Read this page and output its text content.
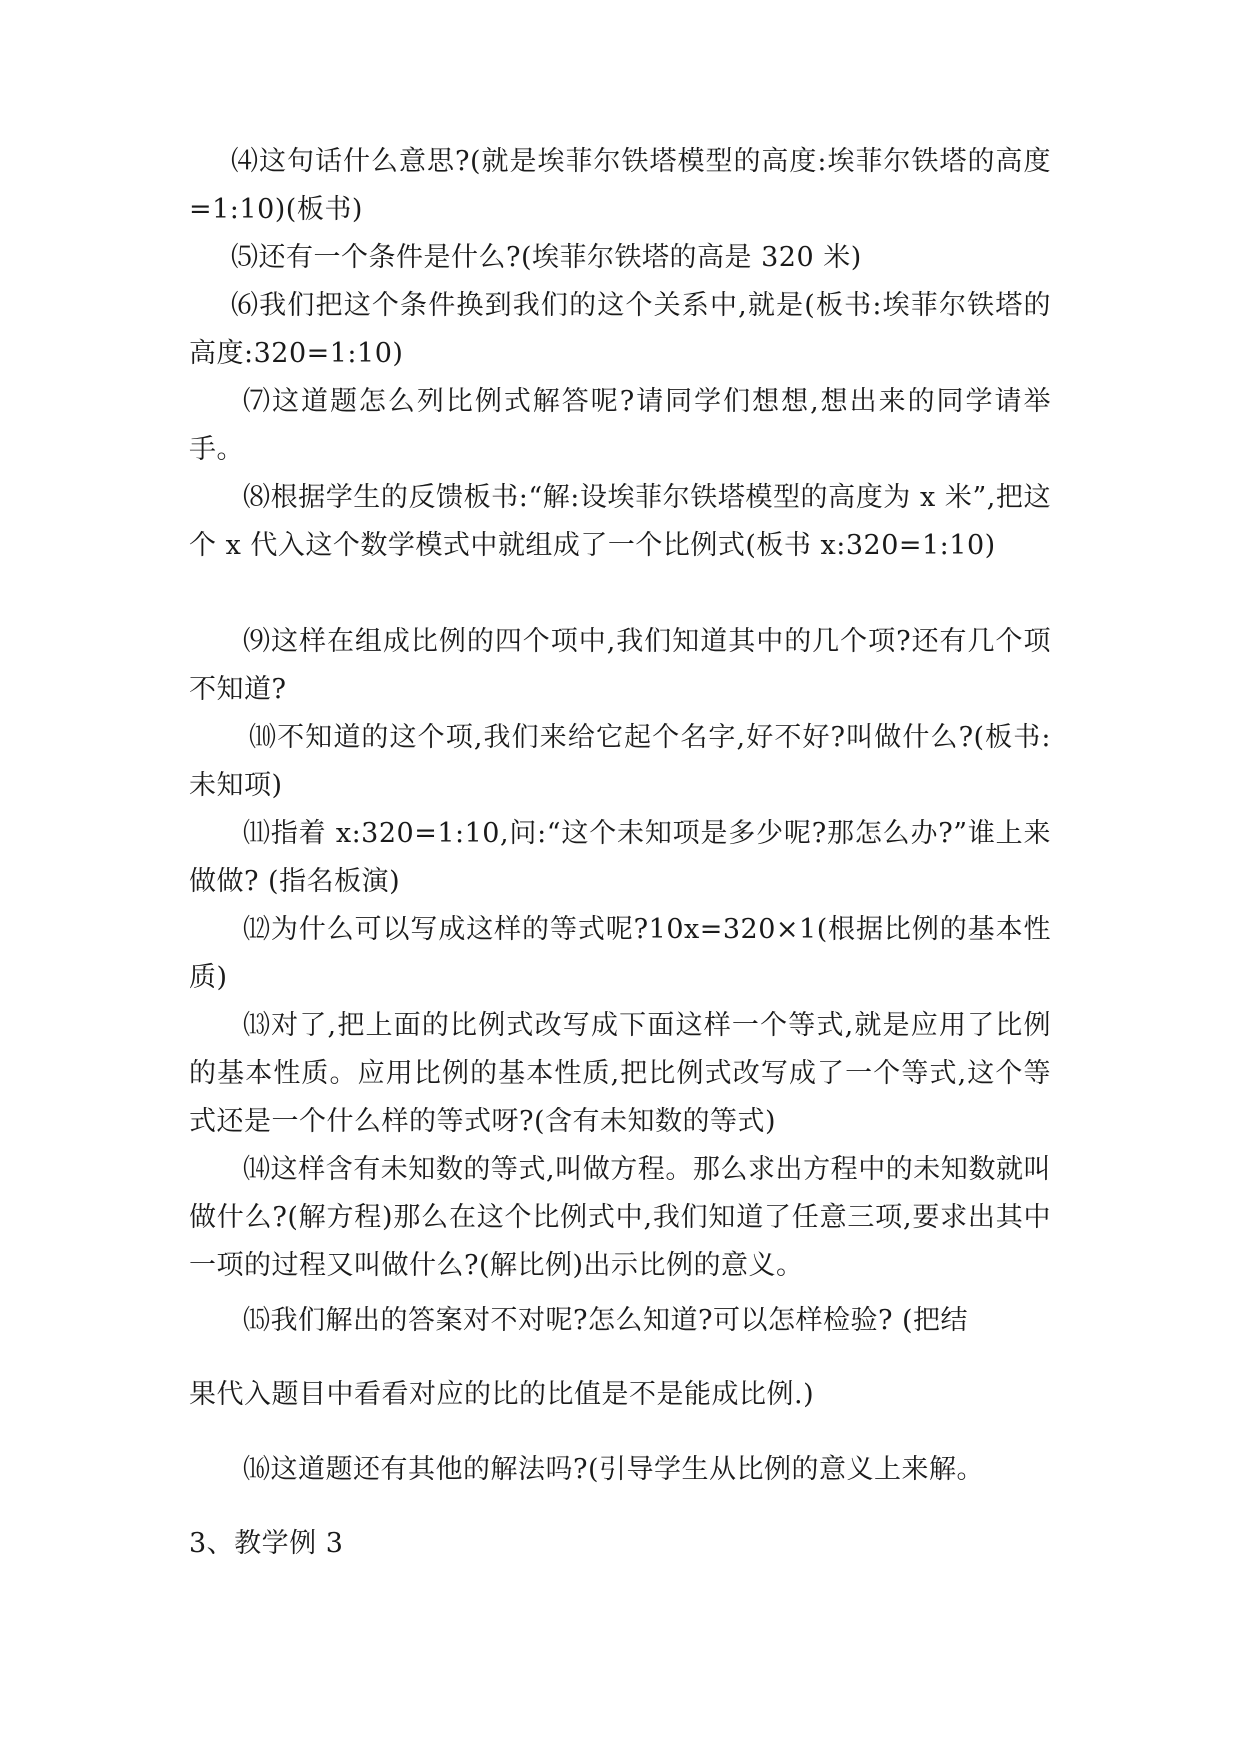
⑷这句话什么意思?(就是埃菲尔铁塔模型的高度:埃菲尔铁塔的高度=1:10)(板书)

⑸还有一个条件是什么?(埃菲尔铁塔的高是 320 米)

⑹我们把这个条件换到我们的这个关系中,就是(板书:埃菲尔铁塔的高度:320=1:10)

⑺这道题怎么列比例式解答呢?请同学们想想,想出来的同学请举手。

⑻根据学生的反馈板书:“解:设埃菲尔铁塔模型的高度为 x 米”,把这个 x 代入这个数学模式中就组成了一个比例式(板书 x:320=1:10)

⑼这样在组成比例的四个项中,我们知道其中的几个项?还有几个项不知道?

⑽不知道的这个项,我们来给它起个名字,好不好?叫做什么?(板书:未知项)

⑾指着 x:320=1:10,问:“这个未知项是多少呢?那怎么办?”谁上来做做? (指名板演)

⑿为什么可以写成这样的等式呢?10x=320×1(根据比例的基本性质)

⒀对了,把上面的比例式改写成下面这样一个等式,就是应用了比例的基本性质。应用比例的基本性质,把比例式改写成了一个等式,这个等式还是一个什么样的等式呀?(含有未知数的等式)

⒁这样含有未知数的等式,叫做方程。那么求出方程中的未知数就叫做什么?(解方程)那么在这个比例式中,我们知道了任意三项,要求出其中一项的过程又叫做什么?(解比例)出示比例的意义。

⒂我们解出的答案对不对呢?怎么知道?可以怎样检验? (把结

果代入题目中看看对应的比的比值是不是能成比例.)

⒃这道题还有其他的解法吗?(引导学生从比例的意义上来解。

3、教学例 3
